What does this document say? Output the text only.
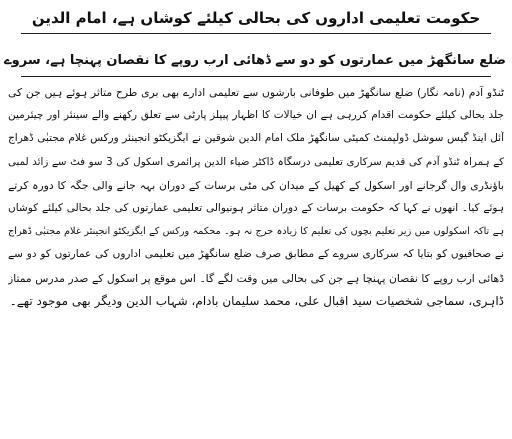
حکومت تعلیمی اداروں کی بحالی کیلئے کوشاں ہے، امام الدین
ضلع سانگھڑ میں عمارتوں کو دو سے ڈھائی ارب روپے کا نقصان پہنچا ہے، سروے
ٹنڈو آدم (نامہ نگار) ضلع سانگھڑ میں طوفانی بارشوں سے تعلیمی ادارے بھی بری طرح متاثر ہوئے ہیں جن کی
جلد بحالی کیلئے حکومت اقدام کررہی ہے ان خیالات کا اظہار پیپلز پارٹی سے تعلق رکھنے والے سینئر اور چیئرمین
آئل اینڈ گیس سوشل ڈولپمنٹ کمیٹی سانگھڑ ملک امام الدین شوقین نے ایگزیکٹو انجینئر ورکس غلام مجتبٰی ڈھراج
کے ہمراہ ٹنڈو آدم کی قدیم سرکاری تعلیمی درسگاہ ڈاکٹر ضیاء الدین پرائمری اسکول کی 3 سو فٹ سے زائد لمبی
باؤنڈری وال گرجانے اور اسکول کے کھیل کے میدان کی مٹی برسات کے دوران بہہ جانے والی جگہ کا دورہ کرتے
ہوئے کیا۔ انھوں نے کہا کہ حکومت برسات کے دوران متاثر ہونیوالی تعلیمی عمارتوں کی جلد بحالی کیلئے کوشاں
ہے تاکہ اسکولوں میں زیر تعلیم بچوں کی تعلیم کا زیادہ حرج نہ ہو۔ محکمہ ورکس کے ایگزیکٹو انجینئر غلام مجتبٰی ڈھراج
نے صحافیوں کو بتایا کہ سرکاری سروے کے مطابق صرف ضلع سانگھڑ میں تعلیمی اداروں کی عمارتوں کو دو سے
ڈھائی ارب روپے کا نقصان پہنچا ہے جن کی بحالی میں وقت لگے گا۔ اس موقع پر اسکول کے صدر مدرس ممتاز
ڈاہری، سماجی شخصیات سید اقبال علی، محمد سلیمان بادام، شہاب الدین ودیگر بھی موجود تھے۔
